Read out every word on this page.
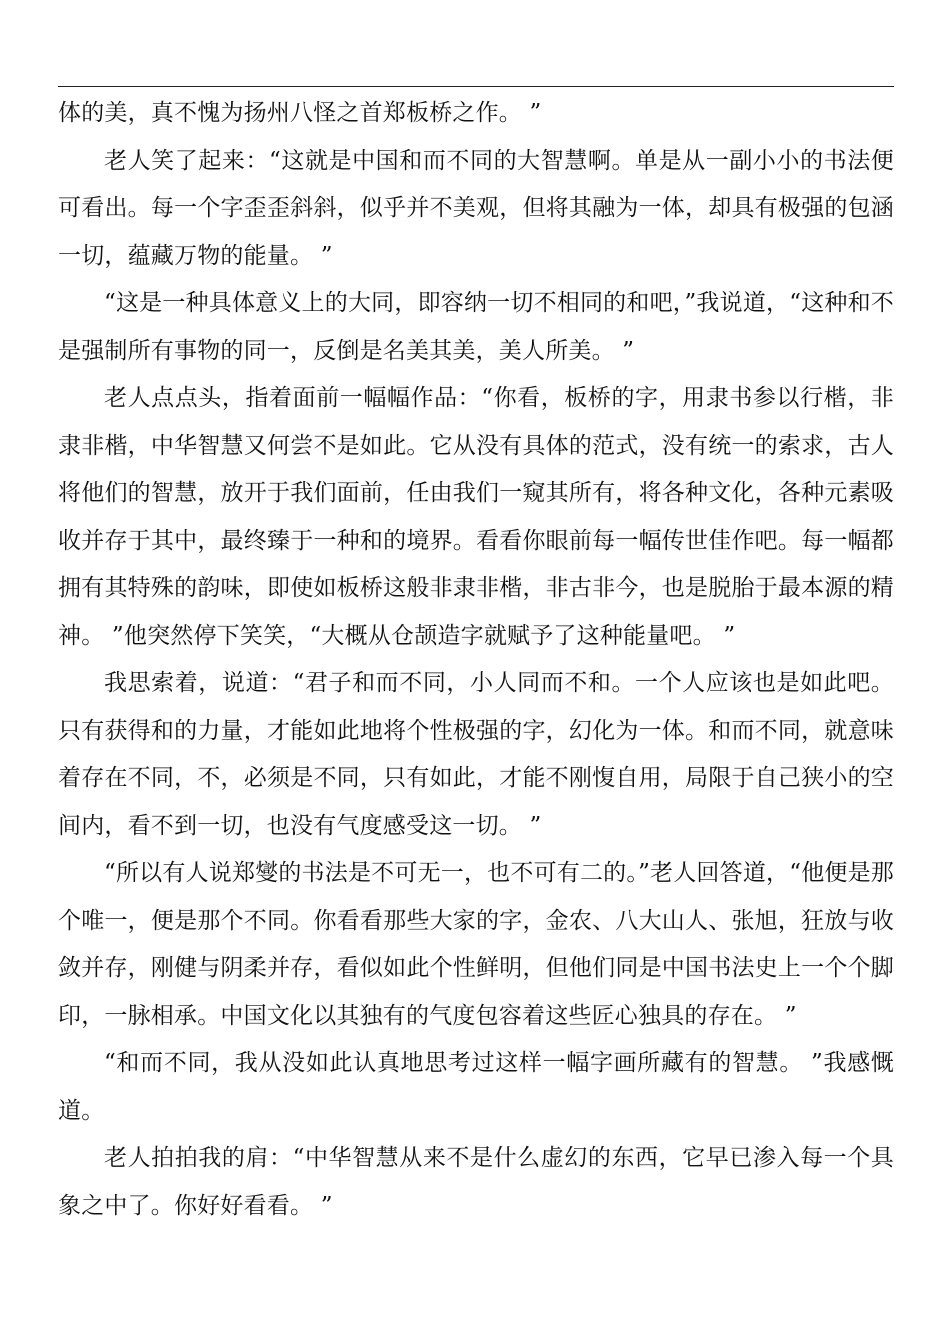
体的美，真不愧为扬州八怪之首郑板桥之作。 ”

老人笑了起来：“这就是中国和而不同的大智慧啊。单是从一副小小的书法便可看出。每一个字歪歪斜斜，似乎并不美观，但将其融为一体，却具有极强的包涵一切，蕴藏万物的能量。 ”

“这是一种具体意义上的大同，即容纳一切不相同的和吧，”我说道，“这种和不是强制所有事物的同一，反倒是名美其美，美人所美。 ”

老人点点头，指着面前一幅幅作品：“你看，板桥的字，用隶书参以行楷，非隶非楷，中华智慧又何尝不是如此。它从没有具体的范式，没有统一的索求，古人将他们的智慧，放开于我们面前，任由我们一窥其所有，将各种文化，各种元素吸收并存于其中，最终臻于一种和的境界。看看你眼前每一幅传世佳作吧。每一幅都拥有其特殊的韵味，即使如板桥这般非隶非楷，非古非今，也是脱胎于最本源的精神。 ”他突然停下笑笑，“大概从仓颉造字就赋予了这种能量吧。 ”

我思索着，说道：“君子和而不同，小人同而不和。一个人应该也是如此吧。只有获得和的力量，才能如此地将个性极强的字，幻化为一体。和而不同，就意味着存在不同，不，必须是不同，只有如此，才能不刚愎自用，局限于自己狭小的空间内，看不到一切，也没有气度感受这一切。 ”

“所以有人说郑燮的书法是不可无一，也不可有二的。”老人回答道，“他便是那个唯一，便是那个不同。你看看那些大家的字，金农、八大山人、张旭，狂放与收敛并存，刚健与阴柔并存，看似如此个性鲜明，但他们同是中国书法史上一个个脚印，一脉相承。中国文化以其独有的气度包容着这些匠心独具的存在。 ”

“和而不同，我从没如此认真地思考过这样一幅字画所藏有的智慧。 ”我感慨道。

老人拍拍我的肩：“中华智慧从来不是什么虚幻的东西，它早已渗入每一个具象之中了。你好好看看。 ”
